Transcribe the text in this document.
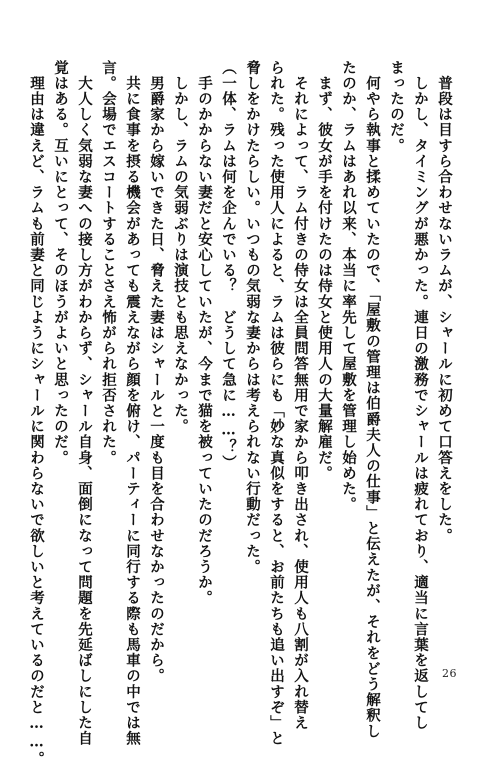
　普段は目すら合わせないラムが、シャールに初めて口答えをした。
　しかし、タイミングが悪かった。連日の激務でシャールは疲れており、適当に言葉を返してし
まったのだ。
　何やら執事と揉めていたので、「屋敷の管理は伯爵夫人の仕事」と伝えたが、それをどう解釈し
たのか、ラムはあれ以来、本当に率先して屋敷を管理し始めた。
　まず、彼女が手を付けたのは侍女と使用人の大量解雇だ。
　それによって、ラム付きの侍女は全員問答無用で家から叩き出され、使用人も八割が入れ替え
られた。残った使用人によると、ラムは彼らにも「妙な真似をすると、お前たちも追い出すぞ」と
脅しをかけたらしい。いつもの気弱な妻からは考えられない行動だった。
（一体、ラムは何を企んでいる？　どうして急に……？）
　手のかからない妻だと安心していたが、今まで猫を被っていたのだろうか。
　しかし、ラムの気弱ぶりは演技とも思えなかった。
　男爵家から嫁いできた日、脅えた妻はシャールと一度も目を合わせなかったのだから。
　共に食事を摂る機会があっても震えながら顔を俯け、パーティーに同行する際も馬車の中では無
言。会場でエスコートすることさえ怖がられ拒否された。
　大人しく気弱な妻への接し方がわからず、シャール自身、面倒になって問題を先延ばしにした自
覚はある。互いにとって、そのほうがよいと思ったのだ。
　理由は違えど、ラムも前妻と同じようにシャールに関わらないで欲しいと考えているのだと……。	26
